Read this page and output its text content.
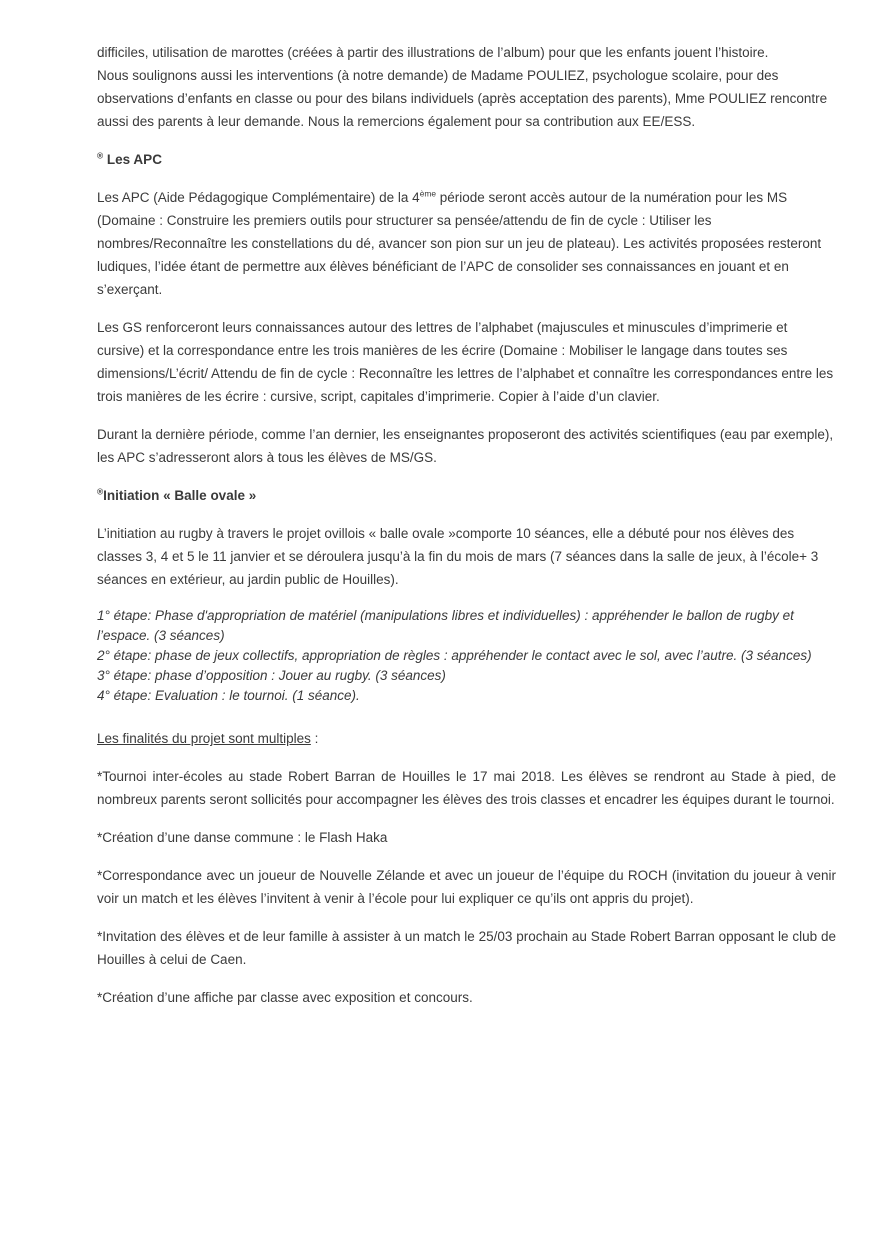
difficiles, utilisation de marottes (créées à partir des illustrations de l’album) pour que les enfants jouent l’histoire.

Nous soulignons aussi les interventions (à notre demande) de Madame POULIEZ, psychologue scolaire, pour des observations d’enfants en classe ou pour des bilans individuels (après acceptation des parents), Mme POULIEZ rencontre aussi des parents à leur demande. Nous la remercions également pour sa contribution aux EE/ESS.

® Les APC

Les APC (Aide Pédagogique Complémentaire) de la 4ème période seront accès autour de la numération pour les MS (Domaine : Construire les premiers outils pour structurer sa pensée/attendu de fin de cycle : Utiliser les nombres/Reconnaître les constellations du dé, avancer son pion sur un jeu de plateau). Les activités proposées resteront ludiques, l’idée étant de permettre aux élèves bénéficiant de l’APC de consolider ses connaissances en jouant et en s’exerçant.

Les GS renforceront leurs connaissances autour des lettres de l’alphabet (majuscules et minuscules d’imprimerie et cursive) et la correspondance entre les trois manières de les écrire (Domaine : Mobiliser le langage dans toutes ses dimensions/L’écrit/ Attendu de fin de cycle : Reconnaître les lettres de l’alphabet et connaître les correspondances entre les trois manières de les écrire : cursive, script, capitales d’imprimerie. Copier à l’aide d’un clavier.

Durant la dernière période, comme l’an dernier, les enseignantes proposeront des activités scientifiques (eau par exemple), les APC s’adresseront alors à tous les élèves de MS/GS.

®Initiation « Balle ovale »

L’initiation au rugby à travers le projet ovillois « balle ovale »comporte 10 séances, elle a débuté pour nos élèves des classes 3, 4 et 5 le 11 janvier et se déroulera jusqu’à la fin du mois de mars (7 séances dans la salle de jeux, à l’école+ 3 séances en extérieur, au jardin public de Houilles).

1° étape: Phase d'appropriation de matériel (manipulations libres et individuelles) : appréhender le ballon de rugby et l’espace. (3 séances)
2° étape: phase de jeux collectifs, appropriation de règles : appréhender le contact avec le sol, avec l’autre. (3 séances)
3° étape: phase d’opposition : Jouer au rugby. (3 séances)
4° étape: Evaluation : le tournoi. (1 séance).

Les finalités du projet sont multiples :

*Tournoi inter-écoles au stade Robert Barran de Houilles le 17 mai 2018. Les élèves se rendront au Stade à pied, de nombreux parents seront sollicités pour accompagner les élèves des trois classes et encadrer les équipes durant le tournoi.

*Création d’une danse commune : le Flash Haka

*Correspondance avec un joueur de Nouvelle Zélande et avec un joueur de l’équipe du ROCH (invitation du joueur à venir voir un match et les élèves l’invitent à venir à l’école pour lui expliquer ce qu’ils ont appris du projet).

*Invitation des élèves et de leur famille à assister à un match le 25/03 prochain au Stade Robert Barran opposant le club de Houilles à celui de Caen.

*Création d’une affiche par classe avec exposition et concours.
